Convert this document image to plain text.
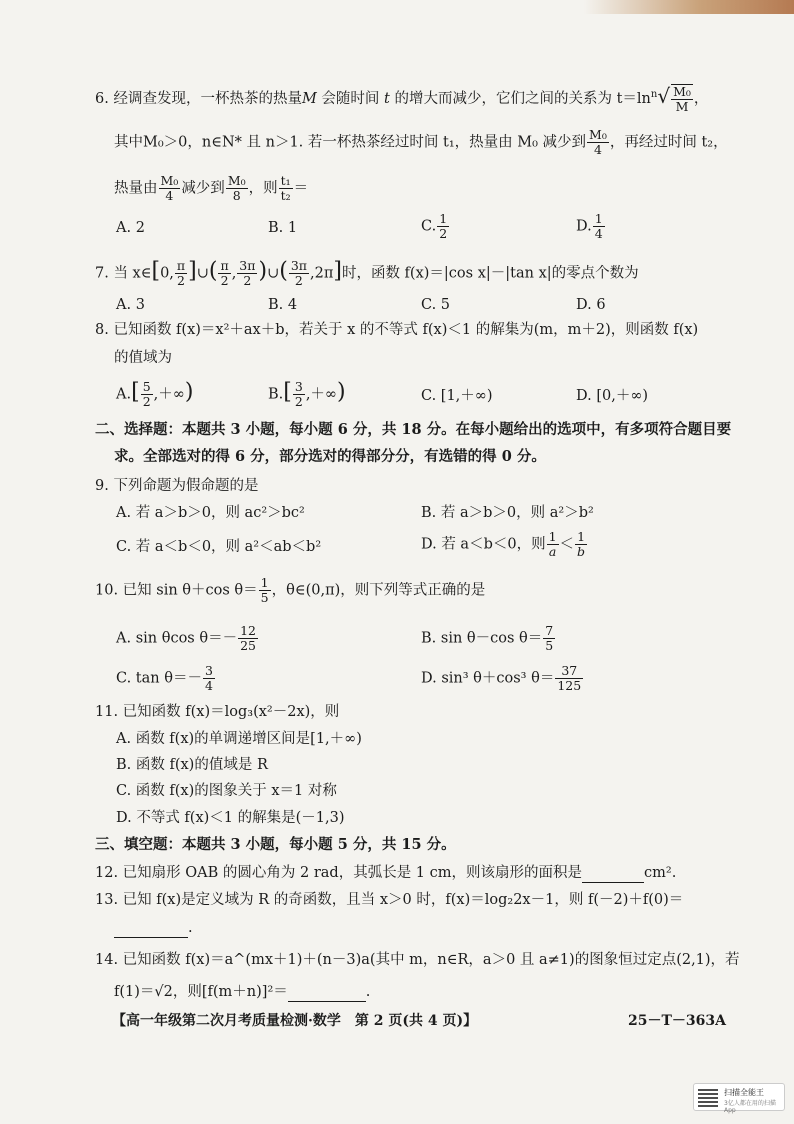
6. 经调查发现，一杯热茶的热量M 会随时间 t 的增大而减少，它们之间的关系为 $t=\ln^n√ \frac{\text{M₀}}{M}$ ，
其中M₀＞0，n∈N* 且 n＞1. 若一杯热茶经过时间 t₁，热量由 M₀ 减少到 $\frac{\text{M₀}}{4}$ ，再经过时间 t₂，
热量由 $\frac{\text{M₀}}{4}$ 减少到 $\frac{\text{M₀}}{8}$ ，则 $\frac{\text{t₁}}{\text{t₂}}$ ＝
A. 2	B. 1	C. $\frac{1}{2}$	D. $\frac{1}{4}$
7. 当 x∈[0, $\frac{\pi}{2}$ ]∪( $\frac{\pi}{2}$ , $\frac{3\pi}{2}$ )∪( $\frac{3\pi}{2} ,2\pi$]时，函数 f(x)＝|cos x|－|tan x|的零点个数为
A. 3	B. 4	C. 5	D. 6
8. 已知函数 f(x)＝x²＋ax＋b，若关于 x 的不等式 f(x)＜1 的解集为(m，m＋2)，则函数 f(x)
的值域为
$A.[ \frac{5}{2}$ ,＋∞)	$B.[ \frac{3}{2}$ ,＋∞)	C. [1,＋∞)	D. [0,＋∞)
二、选择题：本题共 3 小题，每小题 6 分，共 18 分。在每小题给出的选项中，有多项符合题目要
求。全部选对的得 6 分，部分选对的得部分分，有选错的得 0 分。
9. 下列命题为假命题的是
A. 若 a＞b＞0，则 ac²＞bc²	B. 若 a＞b＞0，则 a²＞b²
C. 若 a＜b＜0，则 a²＜ab＜b²	D. 若 a＜b＜0，则 $\frac{1}{a} < \frac{1}{b}$
10. 已知 sin θ＋cos $\theta= \frac{1}{5}$ ，θ∈(0,π)，则下列等式正确的是
A. sin θcos $\theta=- \frac{12}{25}$	B. sin θ－cos $\theta= \frac{7}{5}$
C. $\tan \theta=- \frac{3}{4}$	D. sin³ θ＋cos³ $\theta= \frac{37}{125}$
11. 已知函数 f(x)＝log₃(x²－2x)，则
A. 函数 f(x)的单调递增区间是[1,＋∞)
B. 函数 f(x)的值域是 R
C. 函数 f(x)的图象关于 x＝1 对称
D. 不等式 f(x)＜1 的解集是(－1,3)
三、填空题：本题共 3 小题，每小题 5 分，共 15 分。
12. 已知扇形 OAB 的圆心角为 2 rad，其弧长是 1 cm，则该扇形的面积是	cm².
13. 已知 f(x)是定义域为 R 的奇函数，且当 x＞0 时，f(x)＝log₂2x－1，则 f(－2)＋f(0)＝
.
14. 已知函数 f(x)＝a^(mx＋1)＋(n－3)a(其中 m，n∈R，a＞0 且 a≠1)的图象恒过定点(2,1)，若
f(1)＝√2，则[f(m＋n)]²＝	.
【高一年级第二次月考质量检测·数学　第 2 页(共 4 页)】	25－T－363A
扫描全能王
3亿人都在用的扫描App
